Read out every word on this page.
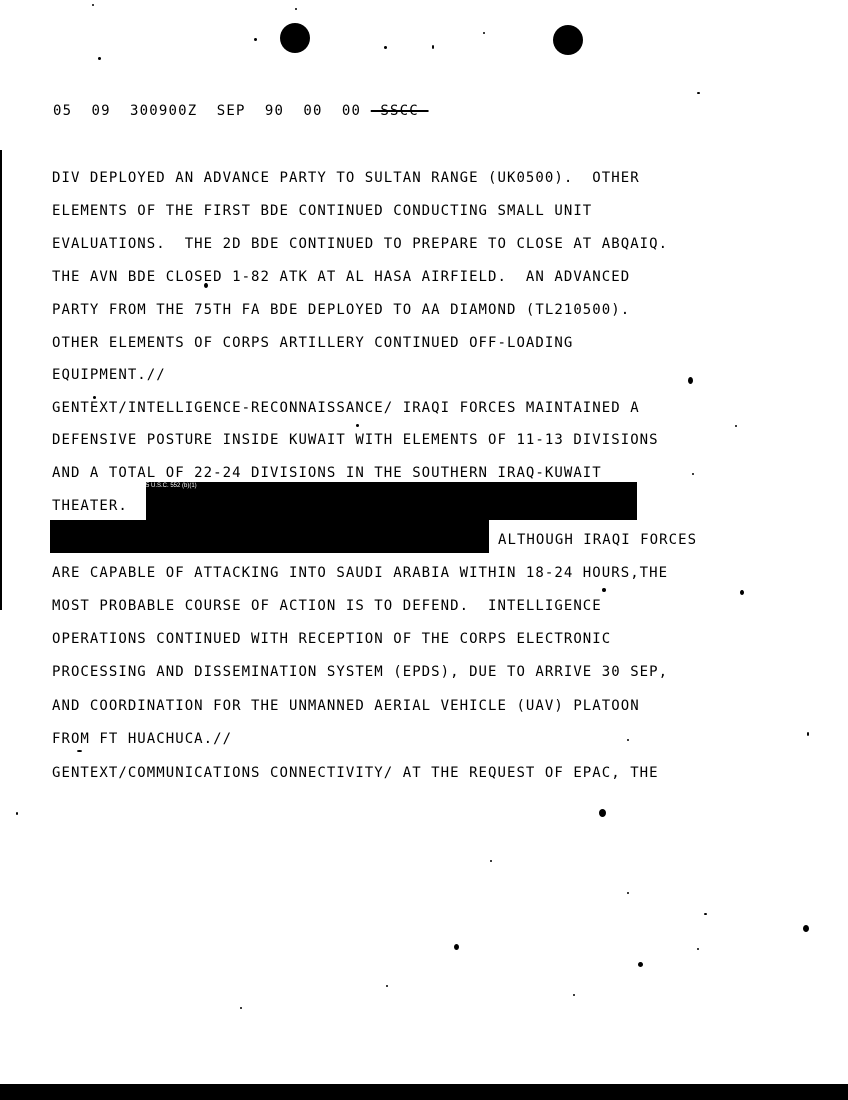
05  09  300900Z  SEP  90  00  00 -SSCC-
DIV DEPLOYED AN ADVANCE PARTY TO SULTAN RANGE (UK0500).  OTHER
ELEMENTS OF THE FIRST BDE CONTINUED CONDUCTING SMALL UNIT
EVALUATIONS.  THE 2D BDE CONTINUED TO PREPARE TO CLOSE AT ABQAIQ.
THE AVN BDE CLOSED 1-82 ATK AT AL HASA AIRFIELD.  AN ADVANCED
PARTY FROM THE 75TH FA BDE DEPLOYED TO AA DIAMOND (TL210500).
OTHER ELEMENTS OF CORPS ARTILLERY CONTINUED OFF-LOADING
EQUIPMENT.//
GENTEXT/INTELLIGENCE-RECONNAISSANCE/ IRAQI FORCES MAINTAINED A
DEFENSIVE POSTURE INSIDE KUWAIT WITH ELEMENTS OF 11-13 DIVISIONS
AND A TOTAL OF 22-24 DIVISIONS IN THE SOUTHERN IRAQ-KUWAIT
THEATER.
5 U.S.C. 552 (b)(1)
ALTHOUGH IRAQI FORCES
ARE CAPABLE OF ATTACKING INTO SAUDI ARABIA WITHIN 18-24 HOURS,THE
MOST PROBABLE COURSE OF ACTION IS TO DEFEND.  INTELLIGENCE
OPERATIONS CONTINUED WITH RECEPTION OF THE CORPS ELECTRONIC
PROCESSING AND DISSEMINATION SYSTEM (EPDS), DUE TO ARRIVE 30 SEP,
AND COORDINATION FOR THE UNMANNED AERIAL VEHICLE (UAV) PLATOON
FROM FT HUACHUCA.//
GENTEXT/COMMUNICATIONS CONNECTIVITY/ AT THE REQUEST OF EPAC, THE
